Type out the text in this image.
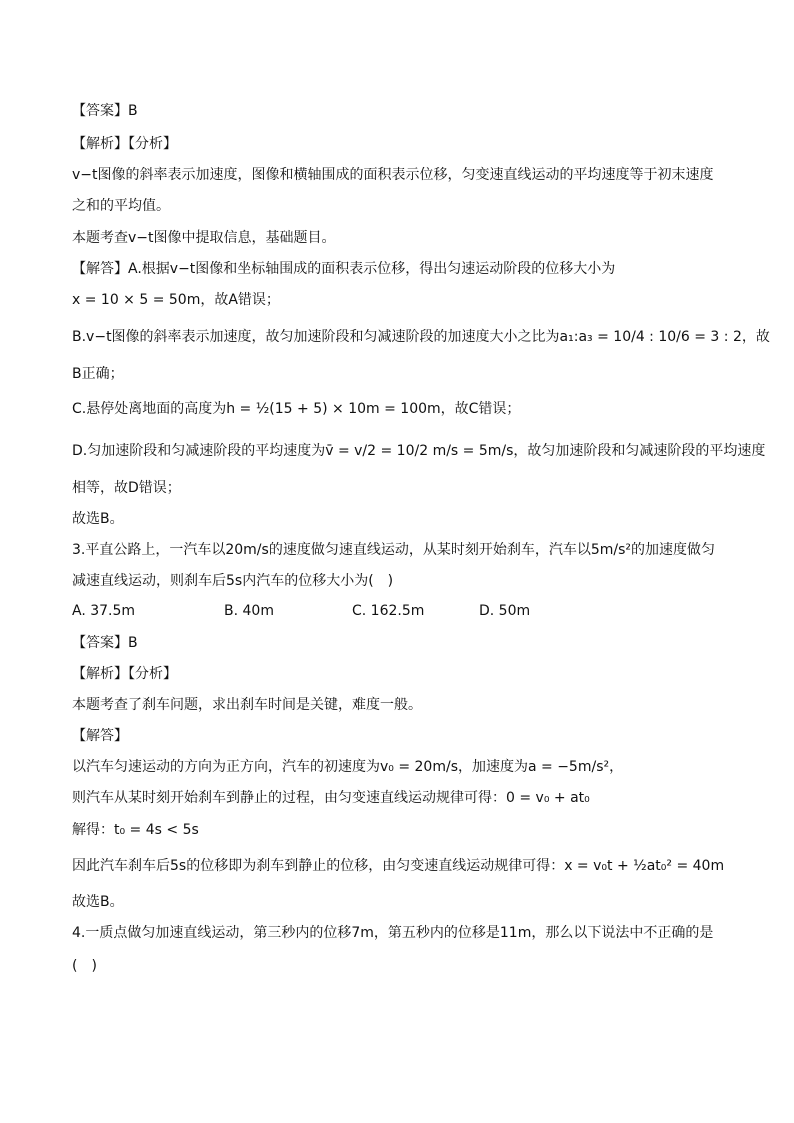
【答案】B
【解析】【分析】
v−t图像的斜率表示加速度，图像和横轴围成的面积表示位移，匀变速直线运动的平均速度等于初末速度
之和的平均值。
本题考查v−t图像中提取信息，基础题目。
【解答】A.根据v−t图像和坐标轴围成的面积表示位移，得出匀速运动阶段的位移大小为
x = 10 × 5 = 50m，故A错误；
B.v−t图像的斜率表示加速度，故匀加速阶段和匀减速阶段的加速度大小之比为a₁:a₃ = 10/4 : 10/6 = 3 : 2，故
B正确；
C.悬停处离地面的高度为h = ½(15 + 5) × 10m = 100m，故C错误；
D.匀加速阶段和匀减速阶段的平均速度为v̄ = v/2 = 10/2 m/s = 5m/s，故匀加速阶段和匀减速阶段的平均速度
相等，故D错误；
故选B。
3.平直公路上，一汽车以20m/s的速度做匀速直线运动，从某时刻开始刹车，汽车以5m/s²的加速度做匀
减速直线运动，则刹车后5s内汽车的位移大小为(　)
A. 37.5m	B. 40m	C. 162.5m	D. 50m
【答案】B
【解析】【分析】
本题考查了刹车问题，求出刹车时间是关键，难度一般。
【解答】
以汽车匀速运动的方向为正方向，汽车的初速度为v₀ = 20m/s，加速度为a = −5m/s²，
则汽车从某时刻开始刹车到静止的过程，由匀变速直线运动规律可得：0 = v₀ + at₀
解得：t₀ = 4s < 5s
因此汽车刹车后5s的位移即为刹车到静止的位移，由匀变速直线运动规律可得：x = v₀t + ½at₀² = 40m
故选B。
4.一质点做匀加速直线运动，第三秒内的位移7m，第五秒内的位移是11m，那么以下说法中不正确的是
(　)
